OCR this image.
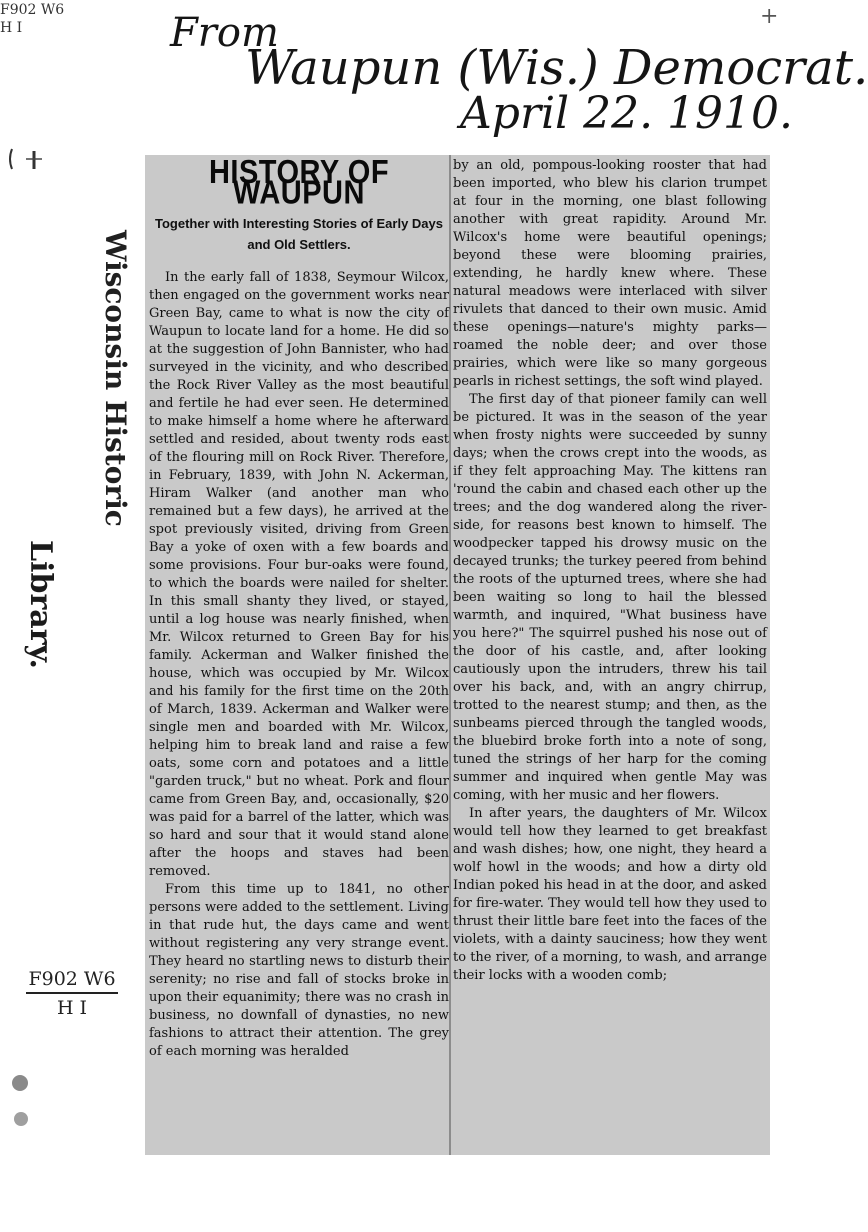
From
Waupun (Wis.) Democrat.
April 22. 1910.
F902 W6
H I	+
Wisconsin Historic
Library.
F902 W6
H I
HISTORY OF WAUPUN
Together with Interesting Stories of Early Days and Old Settlers.

In the early fall of 1838, Seymour Wilcox, then engaged on the government works near Green Bay, came to what is now the city of Waupun to locate land for a home. He did so at the suggestion of John Bannister, who had surveyed in the vicinity, and who described the Rock River Valley as the most beautiful and fertile he had ever seen. He determined to make himself a home where he afterward settled and resided, about twenty rods east of the flouring mill on Rock River. Therefore, in February, 1839, with John N. Ackerman, Hiram Walker (and another man who remained but a few days), he arrived at the spot previously visited, driving from Green Bay a yoke of oxen with a few boards and some provisions. Four bur-oaks were found, to which the boards were nailed for shelter. In this small shanty they lived, or stayed, until a log house was nearly finished, when Mr. Wilcox returned to Green Bay for his family. Ackerman and Walker finished the house, which was occupied by Mr. Wilcox and his family for the first time on the 20th of March, 1839. Ackerman and Walker were single men and boarded with Mr. Wilcox, helping him to break land and raise a few oats, some corn and potatoes and a little "garden truck," but no wheat. Pork and flour came from Green Bay, and, occasionally, $20 was paid for a barrel of the latter, which was so hard and sour that it would stand alone after the hoops and staves had been removed.

From this time up to 1841, no other persons were added to the settlement. Living in that rude hut, the days came and went without registering any very strange event. They heard no startling news to disturb their serenity; no rise and fall of stocks broke in upon their equanimity; there was no crash in business, no downfall of dynasties, no new fashions to attract their attention. The grey of each morning was heralded

by an old, pompous-looking rooster that had been imported, who blew his clarion trumpet at four in the morning, one blast following another with great rapidity. Around Mr. Wilcox's home were beautiful openings; beyond these were blooming prairies, extending, he hardly knew where. These natural meadows were interlaced with silver rivulets that danced to their own music. Amid these openings—nature's mighty parks—roamed the noble deer; and over those prairies, which were like so many gorgeous pearls in richest settings, the soft wind played.

The first day of that pioneer family can well be pictured. It was in the season of the year when frosty nights were succeeded by sunny days; when the crows crept into the woods, as if they felt approaching May. The kittens ran 'round the cabin and chased each other up the trees; and the dog wandered along the river-side, for reasons best known to himself. The woodpecker tapped his drowsy music on the decayed trunks; the turkey peered from behind the roots of the upturned trees, where she had been waiting so long to hail the blessed warmth, and inquired, "What business have you here?" The squirrel pushed his nose out of the door of his castle, and, after looking cautiously upon the intruders, threw his tail over his back, and, with an angry chirrup, trotted to the nearest stump; and then, as the sunbeams pierced through the tangled woods, the bluebird broke forth into a note of song, tuned the strings of her harp for the coming summer and inquired when gentle May was coming, with her music and her flowers.

In after years, the daughters of Mr. Wilcox would tell how they learned to get breakfast and wash dishes; how, one night, they heard a wolf howl in the woods; and how a dirty old Indian poked his head in at the door, and asked for fire-water. They would tell how they used to thrust their little bare feet into the faces of the violets, with a dainty sauciness; how they went to the river, of a morning, to wash, and arrange their locks with a wooden comb;
